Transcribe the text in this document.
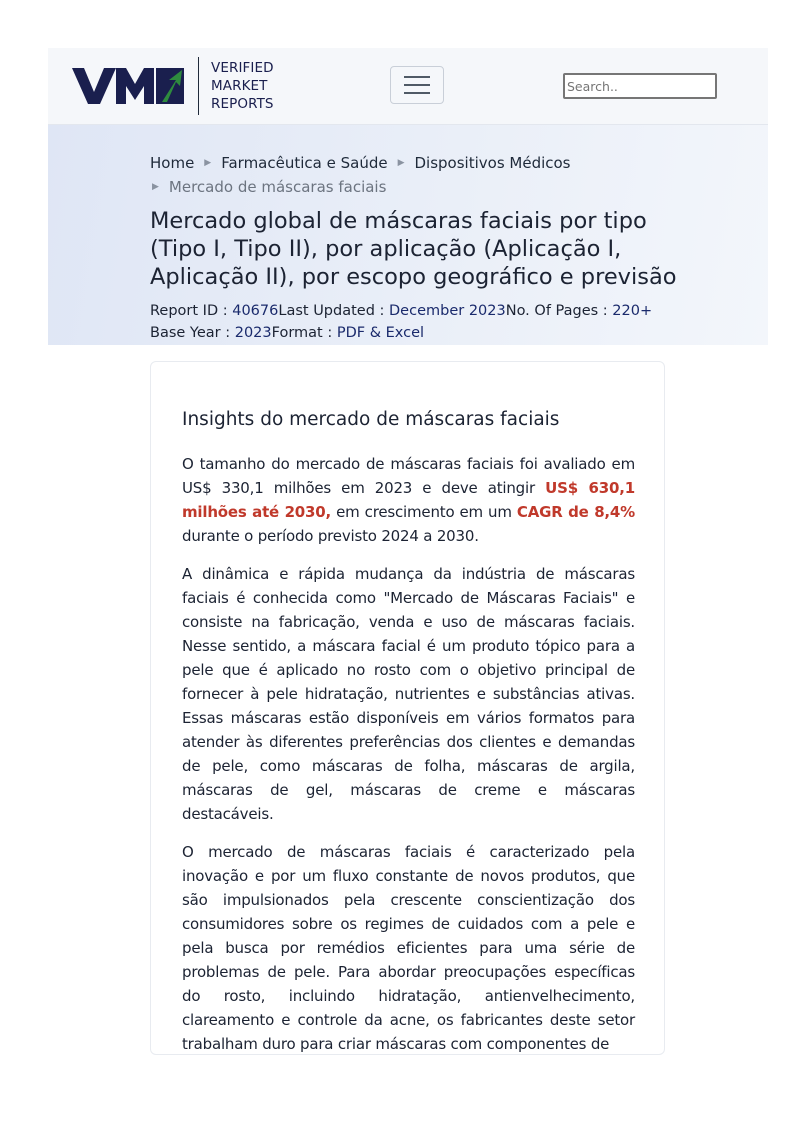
VERIFIED
MARKET
REPORTS
Search..
Home ▶ Farmacêutica e Saúde ▶ Dispositivos Médicos
▶ Mercado de máscaras faciais
Mercado global de máscaras faciais por tipo (Tipo I, Tipo II), por aplicação (Aplicação I, Aplicação II), por escopo geográfico e previsão
Report ID : 40676Last Updated : December 2023No. Of Pages : 220+
Base Year : 2023Format : PDF & Excel
Insights do mercado de máscaras faciais

O tamanho do mercado de máscaras faciais foi avaliado em US$ 330,1 milhões em 2023 e deve atingir US$ 630,1 milhões até 2030, em crescimento em um CAGR de 8,4% durante o período previsto 2024 a 2030.

A dinâmica e rápida mudança da indústria de máscaras faciais é conhecida como "Mercado de Máscaras Faciais" e consiste na fabricação, venda e uso de máscaras faciais. Nesse sentido, a máscara facial é um produto tópico para a pele que é aplicado no rosto com o objetivo principal de fornecer à pele hidratação, nutrientes e substâncias ativas. Essas máscaras estão disponíveis em vários formatos para atender às diferentes preferências dos clientes e demandas de pele, como máscaras de folha, máscaras de argila, máscaras de gel, máscaras de creme e máscaras destacáveis.

O mercado de máscaras faciais é caracterizado pela inovação e por um fluxo constante de novos produtos, que são impulsionados pela crescente conscientização dos consumidores sobre os regimes de cuidados com a pele e pela busca por remédios eficientes para uma série de problemas de pele. Para abordar preocupações específicas do rosto, incluindo hidratação, antienvelhecimento, clareamento e controle da acne, os fabricantes deste setor trabalham duro para criar máscaras com componentes de
